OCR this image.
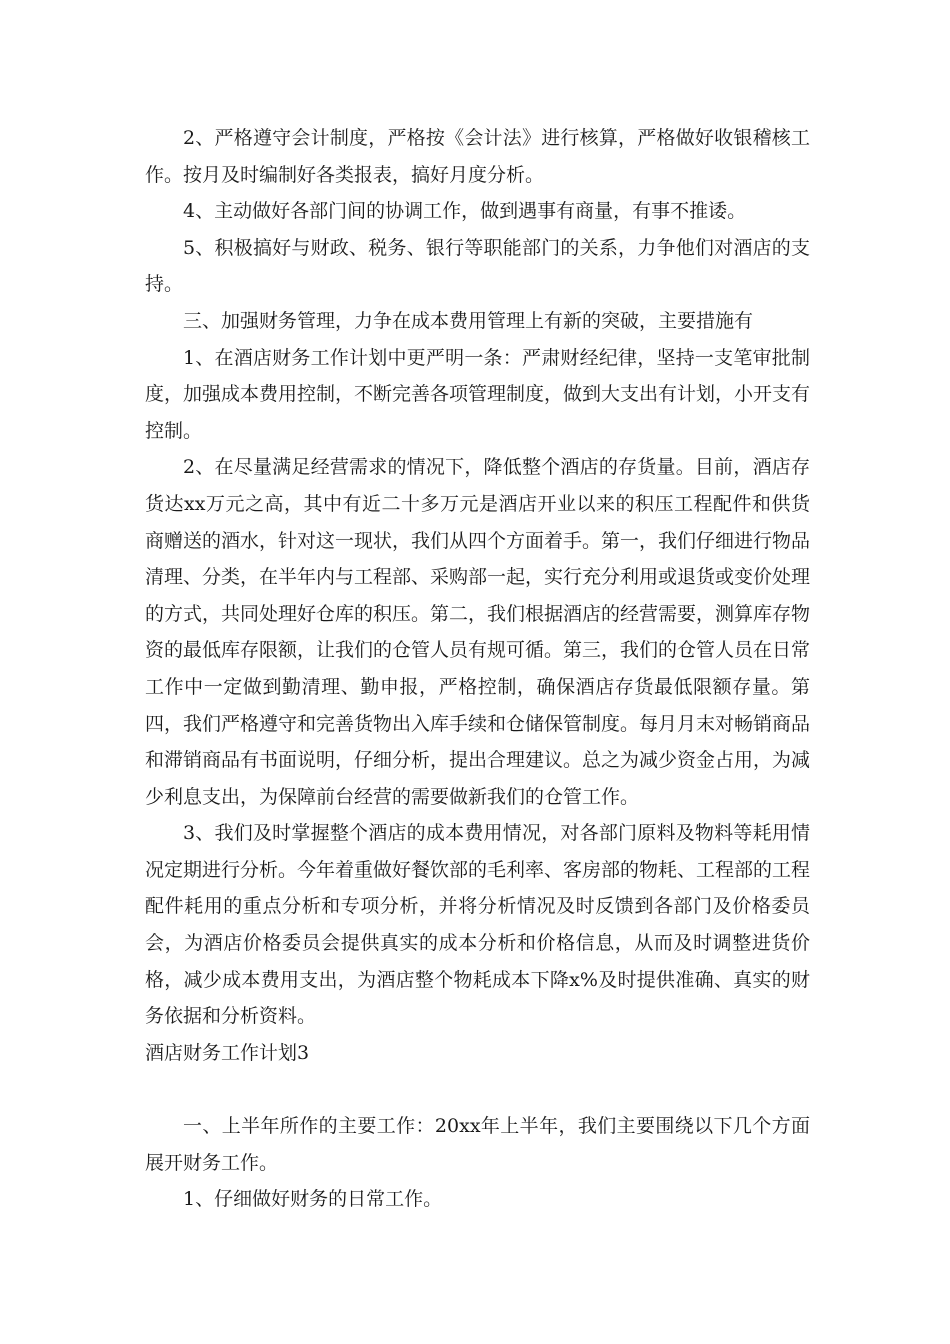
2、严格遵守会计制度，严格按《会计法》进行核算，严格做好收银稽核工作。按月及时编制好各类报表，搞好月度分析。

4、主动做好各部门间的协调工作，做到遇事有商量，有事不推诿。

5、积极搞好与财政、税务、银行等职能部门的关系，力争他们对酒店的支持。

三、加强财务管理，力争在成本费用管理上有新的突破，主要措施有

1、在酒店财务工作计划中更严明一条：严肃财经纪律，坚持一支笔审批制度，加强成本费用控制，不断完善各项管理制度，做到大支出有计划，小开支有控制。

2、在尽量满足经营需求的情况下，降低整个酒店的存货量。目前，酒店存货达xx万元之高，其中有近二十多万元是酒店开业以来的积压工程配件和供货商赠送的酒水，针对这一现状，我们从四个方面着手。第一，我们仔细进行物品清理、分类，在半年内与工程部、采购部一起，实行充分利用或退货或变价处理的方式，共同处理好仓库的积压。第二，我们根据酒店的经营需要，测算库存物资的最低库存限额，让我们的仓管人员有规可循。第三，我们的仓管人员在日常工作中一定做到勤清理、勤申报，严格控制，确保酒店存货最低限额存量。第四，我们严格遵守和完善货物出入库手续和仓储保管制度。每月月末对畅销商品和滞销商品有书面说明，仔细分析，提出合理建议。总之为减少资金占用，为减少利息支出，为保障前台经营的需要做新我们的仓管工作。

3、我们及时掌握整个酒店的成本费用情况，对各部门原料及物料等耗用情况定期进行分析。今年着重做好餐饮部的毛利率、客房部的物耗、工程部的工程配件耗用的重点分析和专项分析，并将分析情况及时反馈到各部门及价格委员会，为酒店价格委员会提供真实的成本分析和价格信息，从而及时调整进货价格，减少成本费用支出，为酒店整个物耗成本下降x%及时提供准确、真实的财务依据和分析资料。

酒店财务工作计划3

一、上半年所作的主要工作：20xx年上半年，我们主要围绕以下几个方面展开财务工作。

1、仔细做好财务的日常工作。
